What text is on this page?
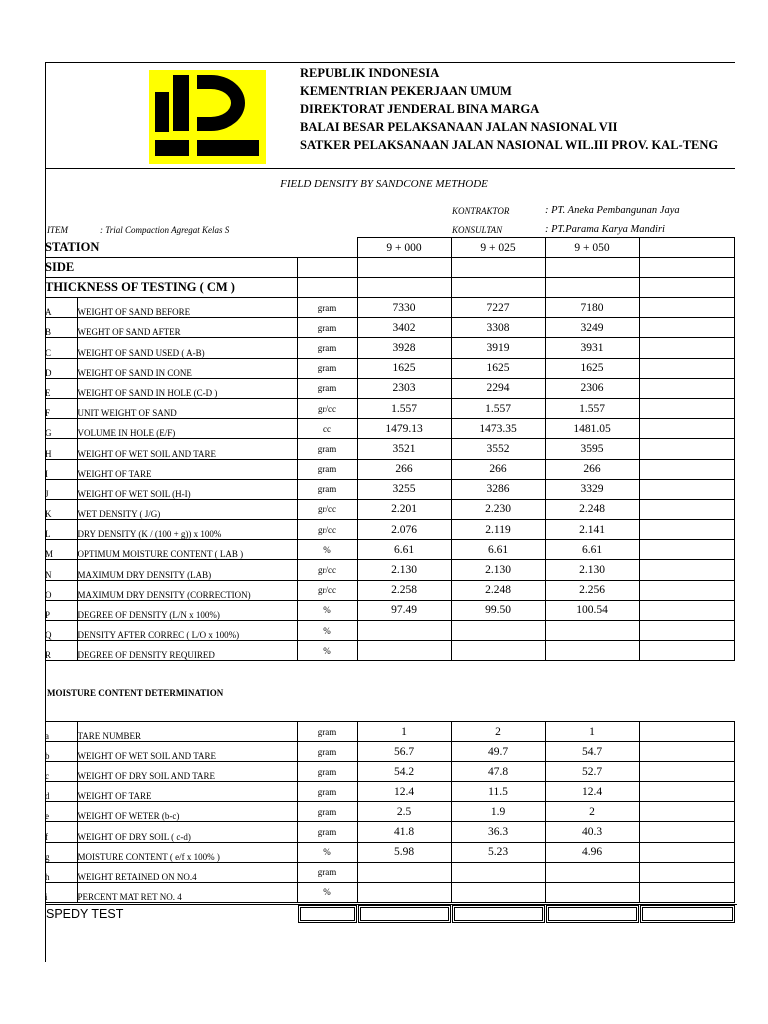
REPUBLIK INDONESIA
KEMENTRIAN PEKERJAAN UMUM
DIREKTORAT JENDERAL BINA MARGA
BALAI BESAR PELAKSANAAN JALAN NASIONAL VII
SATKER PELAKSANAAN JALAN NASIONAL WIL.III PROV. KAL-TENG
FIELD DENSITY BY SANDCONE METHODE
KONTRAKTOR	: PT. Aneka Pembangunan Jaya
ITEM	: Trial Compaction Agregat Kelas S	KONSULTAN	: PT.Parama Karya Mandiri
STATION			9 + 000	9 + 025	9 + 050	
SIDE						
THICKNESS OF TESTING ( CM )						
A	WEIGHT OF SAND BEFORE	gram	7330	7227	7180	
B	WEGHT OF SAND AFTER	gram	3402	3308	3249	
C	WEIGHT OF SAND USED ( A-B)	gram	3928	3919	3931	
D	WEIGHT OF SAND IN CONE	gram	1625	1625	1625	
E	WEIGHT OF SAND IN HOLE (C-D )	gram	2303	2294	2306	
F	UNIT WEIGHT OF SAND	gr/cc	1.557	1.557	1.557	
G	VOLUME IN HOLE (E/F)	cc	1479.13	1473.35	1481.05	
H	WEIGHT OF WET SOIL AND TARE	gram	3521	3552	3595	
I	WEIGHT OF TARE	gram	266	266	266	
J	WEIGHT OF WET SOIL (H-I)	gram	3255	3286	3329	
K	WET DENSITY ( J/G)	gr/cc	2.201	2.230	2.248	
L	DRY DENSITY (K / (100 + g)) x 100%	gr/cc	2.076	2.119	2.141	
M	OPTIMUM MOISTURE CONTENT ( LAB )	%	6.61	6.61	6.61	
N	MAXIMUM DRY DENSITY (LAB)	gr/cc	2.130	2.130	2.130	
O	MAXIMUM DRY DENSITY (CORRECTION)	gr/cc	2.258	2.248	2.256	
P	DEGREE OF DENSITY (L/N x 100%)	%	97.49	99.50	100.54	
Q	DENSITY AFTER CORREC ( L/O x 100%)	%				
R	DEGREE OF DENSITY REQUIRED	%				
MOISTURE CONTENT DETERMINATION
a	TARE NUMBER	gram	1	2	1	
b	WEIGHT OF WET SOIL AND TARE	gram	56.7	49.7	54.7	
c	WEIGHT OF DRY SOIL AND TARE	gram	54.2	47.8	52.7	
d	WEIGHT OF TARE	gram	12.4	11.5	12.4	
e	WEIGHT OF WETER (b-c)	gram	2.5	1.9	2	
f	WEIGHT OF DRY SOIL ( c-d)	gram	41.8	36.3	40.3	
g	MOISTURE CONTENT ( e/f x 100% )	%	5.98	5.23	4.96	
h	WEIGHT RETAINED ON NO.4	gram				
i	PERCENT MAT RET NO. 4	%				
SPEDY TEST
